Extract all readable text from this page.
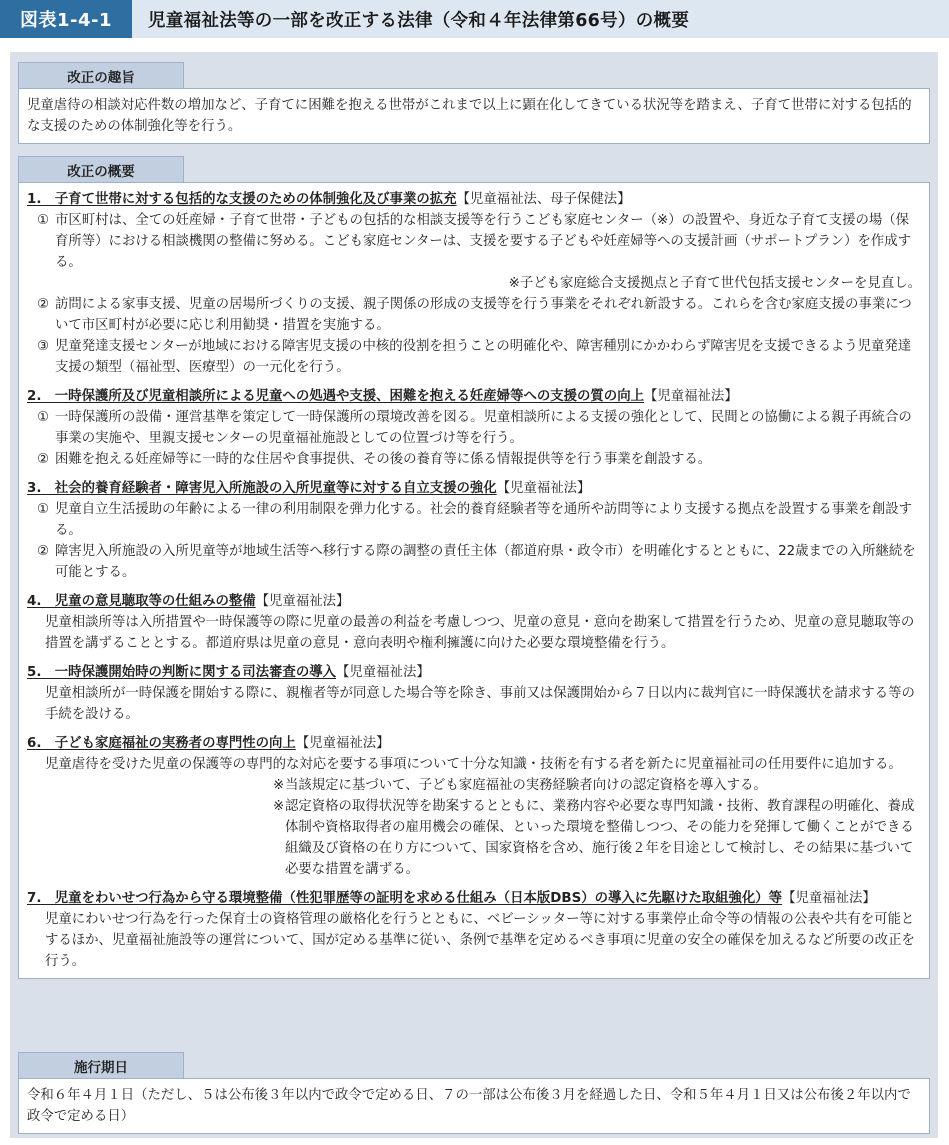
図表1-4-1	児童福祉法等の一部を改正する法律（令和４年法律第66号）の概要
改正の趣旨
児童虐待の相談対応件数の増加など、子育てに困難を抱える世帯がこれまで以上に顕在化してきている状況等を踏まえ、子育て世帯に対する包括的な支援のための体制強化等を行う。
改正の概要
1.　子育て世帯に対する包括的な支援のための体制強化及び事業の拡充【児童福祉法、母子保健法】
① 市区町村は、全ての妊産婦・子育て世帯・子どもの包括的な相談支援等を行うこども家庭センター（※）の設置や、身近な子育て支援の場（保育所等）における相談機関の整備に努める。こども家庭センターは、支援を要する子どもや妊産婦等への支援計画（サポートプラン）を作成する。
※子ども家庭総合支援拠点と子育て世代包括支援センターを見直し。
② 訪問による家事支援、児童の居場所づくりの支援、親子関係の形成の支援等を行う事業をそれぞれ新設する。これらを含む家庭支援の事業について市区町村が必要に応じ利用勧奨・措置を実施する。
③ 児童発達支援センターが地域における障害児支援の中核的役割を担うことの明確化や、障害種別にかかわらず障害児を支援できるよう児童発達支援の類型（福祉型、医療型）の一元化を行う。
2.　一時保護所及び児童相談所による児童への処遇や支援、困難を抱える妊産婦等への支援の質の向上【児童福祉法】
① 一時保護所の設備・運営基準を策定して一時保護所の環境改善を図る。児童相談所による支援の強化として、民間との協働による親子再統合の事業の実施や、里親支援センターの児童福祉施設としての位置づけ等を行う。
② 困難を抱える妊産婦等に一時的な住居や食事提供、その後の養育等に係る情報提供等を行う事業を創設する。
3.　社会的養育経験者・障害児入所施設の入所児童等に対する自立支援の強化【児童福祉法】
① 児童自立生活援助の年齢による一律の利用制限を弾力化する。社会的養育経験者等を通所や訪問等により支援する拠点を設置する事業を創設する。
② 障害児入所施設の入所児童等が地域生活等へ移行する際の調整の責任主体（都道府県・政令市）を明確化するとともに、22歳までの入所継続を可能とする。
4.　児童の意見聴取等の仕組みの整備【児童福祉法】
児童相談所等は入所措置や一時保護等の際に児童の最善の利益を考慮しつつ、児童の意見・意向を勘案して措置を行うため、児童の意見聴取等の措置を講ずることとする。都道府県は児童の意見・意向表明や権利擁護に向けた必要な環境整備を行う。
5.　一時保護開始時の判断に関する司法審査の導入【児童福祉法】
児童相談所が一時保護を開始する際に、親権者等が同意した場合等を除き、事前又は保護開始から７日以内に裁判官に一時保護状を請求する等の手続を設ける。
6.　子ども家庭福祉の実務者の専門性の向上【児童福祉法】
児童虐待を受けた児童の保護等の専門的な対応を要する事項について十分な知識・技術を有する者を新たに児童福祉司の任用要件に追加する。
※ 当該規定に基づいて、子ども家庭福祉の実務経験者向けの認定資格を導入する。
※ 認定資格の取得状況等を勘案するとともに、業務内容や必要な専門知識・技術、教育課程の明確化、養成体制や資格取得者の雇用機会の確保、といった環境を整備しつつ、その能力を発揮して働くことができる組織及び資格の在り方について、国家資格を含め、施行後２年を目途として検討し、その結果に基づいて必要な措置を講ずる。
7.　児童をわいせつ行為から守る環境整備（性犯罪歴等の証明を求める仕組み（日本版DBS）の導入に先駆けた取組強化）等【児童福祉法】
児童にわいせつ行為を行った保育士の資格管理の厳格化を行うとともに、ベビーシッター等に対する事業停止命令等の情報の公表や共有を可能とするほか、児童福祉施設等の運営について、国が定める基準に従い、条例で基準を定めるべき事項に児童の安全の確保を加えるなど所要の改正を行う。
施行期日
令和６年４月１日（ただし、５は公布後３年以内で政令で定める日、７の一部は公布後３月を経過した日、令和５年４月１日又は公布後２年以内で政令で定める日）
